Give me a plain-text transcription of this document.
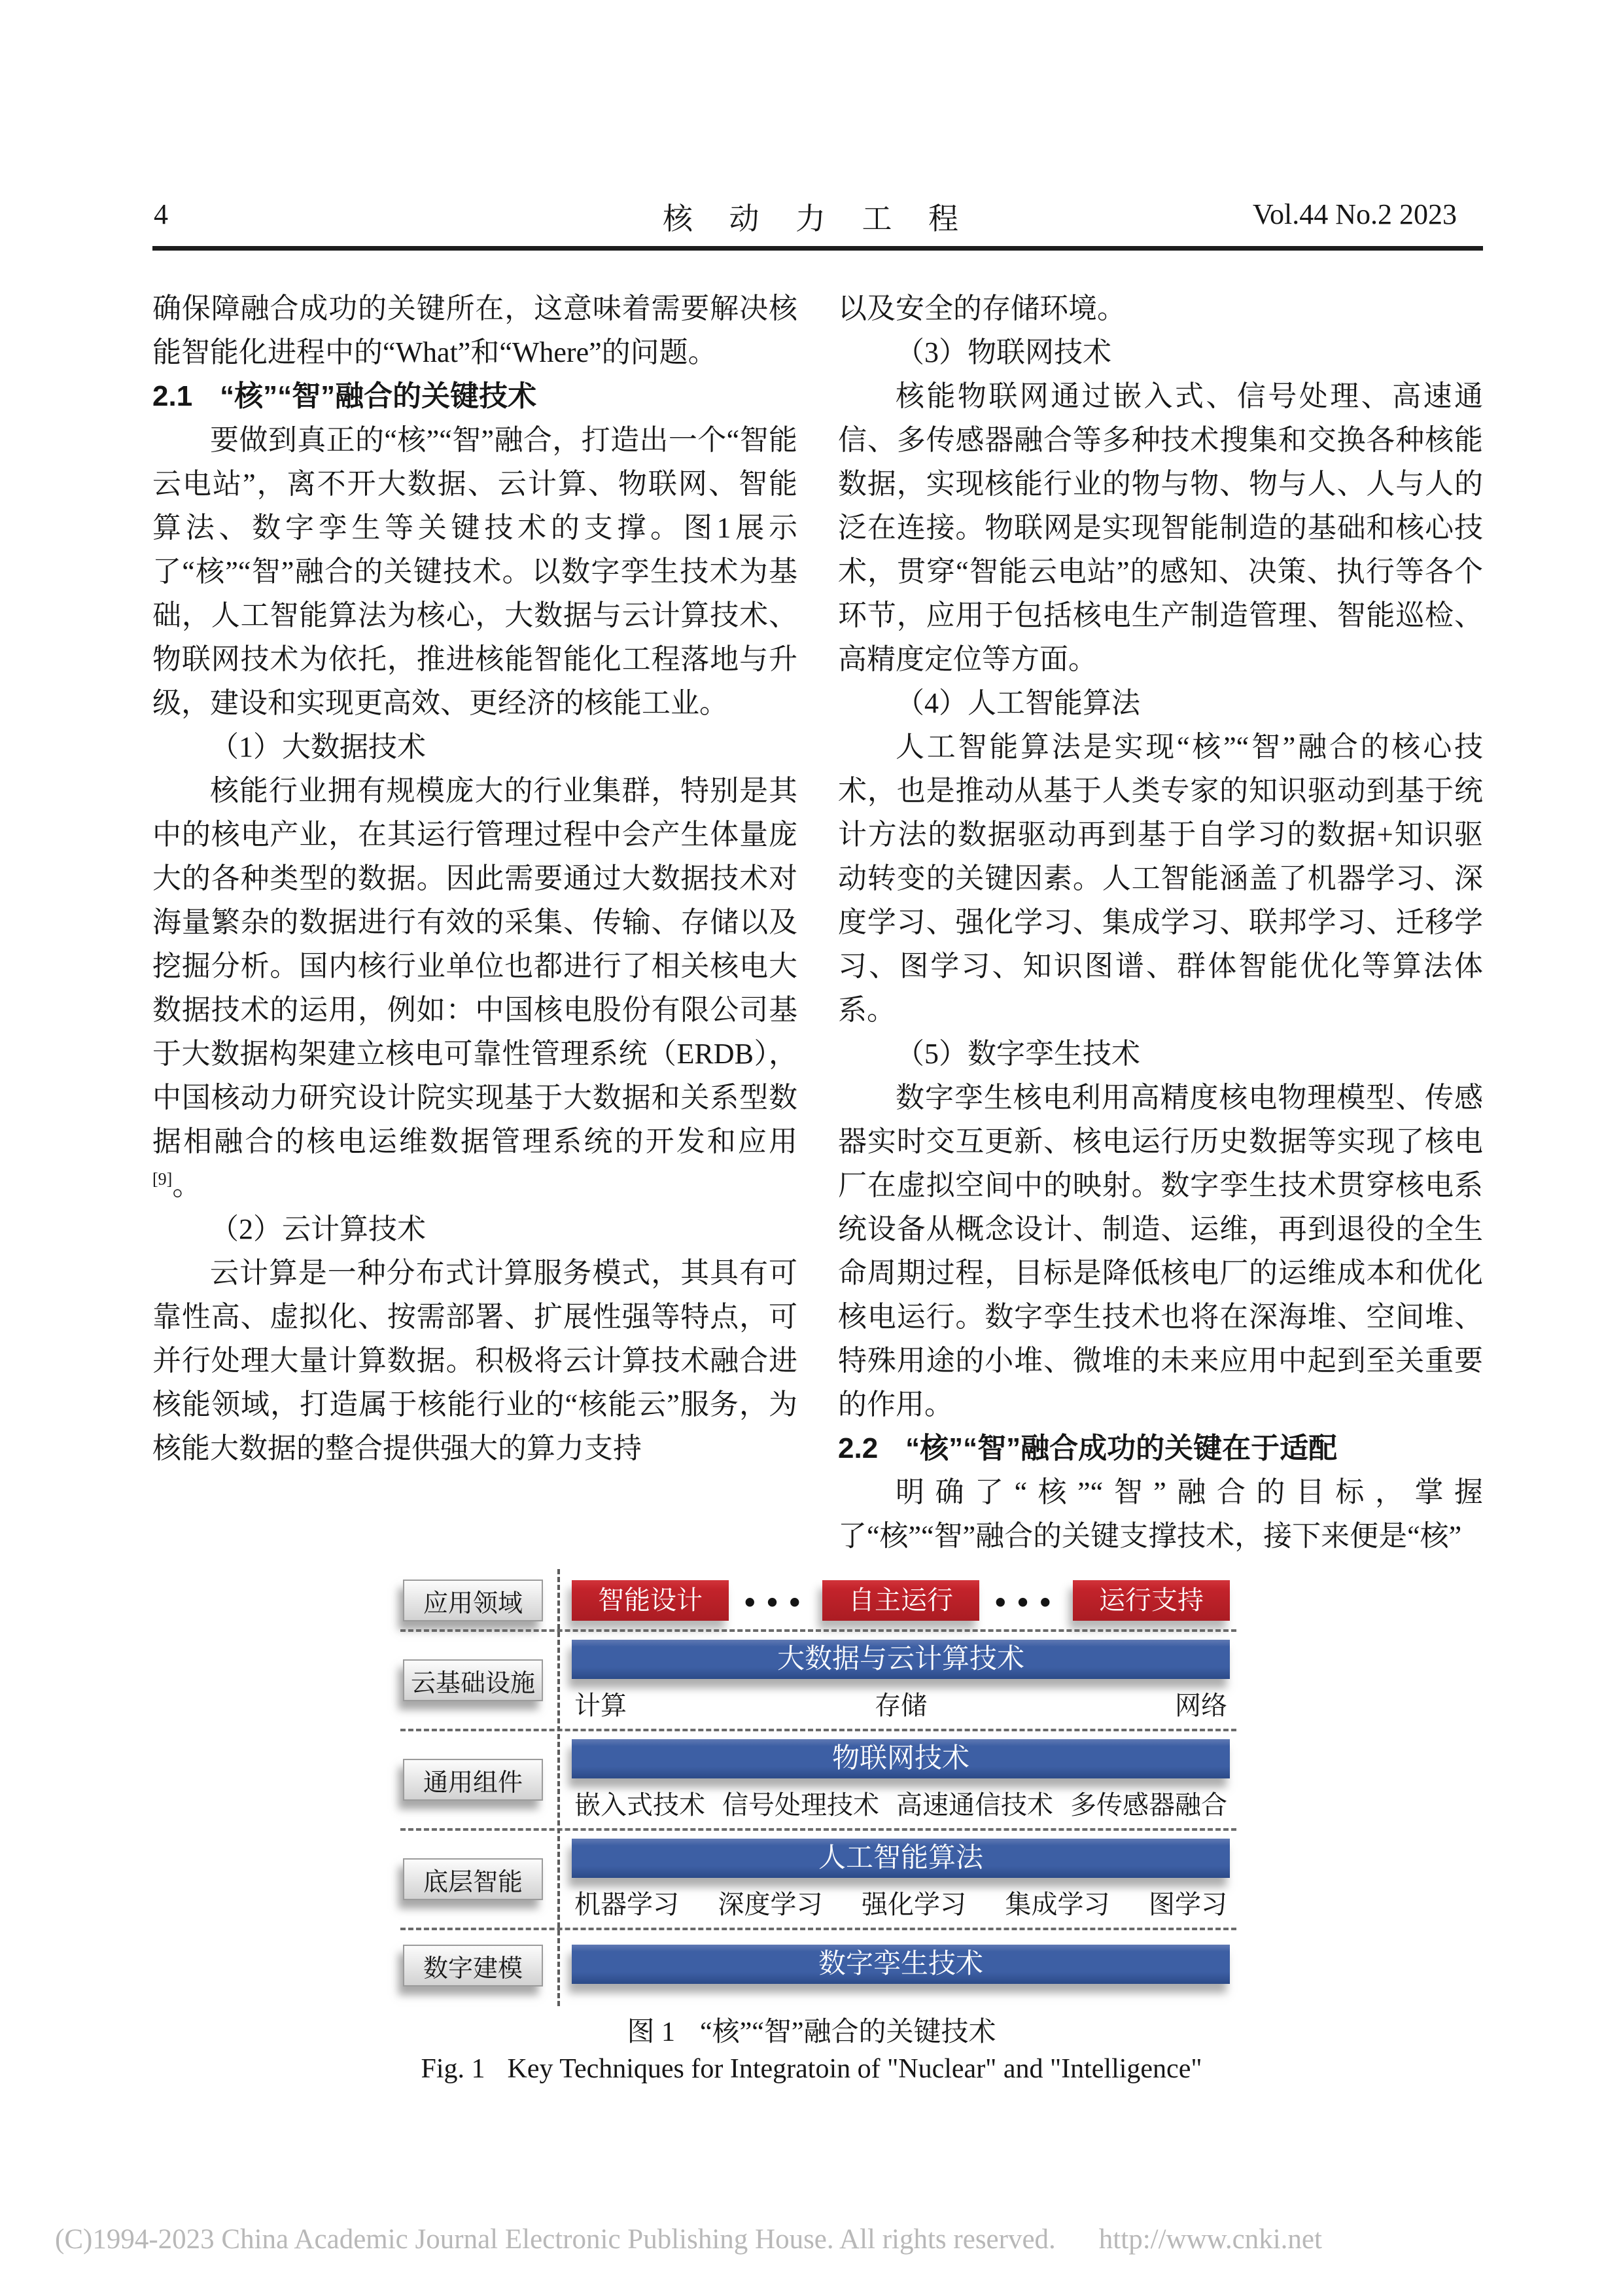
4	核 动 力 工 程	Vol.44 No.2 2023
确保障融合成功的关键所在，这意味着需要解决核能智能化进程中的“What”和“Where”的问题。
2.1 “核”“智”融合的关键技术
要做到真正的“核”“智”融合，打造出一个“智能云电站”，离不开大数据、云计算、物联网、智能算法、数字孪生等关键技术的支撑。图1展示了“核”“智”融合的关键技术。以数字孪生技术为基础，人工智能算法为核心，大数据与云计算技术、物联网技术为依托，推进核能智能化工程落地与升级，建设和实现更高效、更经济的核能工业。
（1）大数据技术
核能行业拥有规模庞大的行业集群，特别是其中的核电产业，在其运行管理过程中会产生体量庞大的各种类型的数据。因此需要通过大数据技术对海量繁杂的数据进行有效的采集、传输、存储以及挖掘分析。国内核行业单位也都进行了相关核电大数据技术的运用，例如：中国核电股份有限公司基于大数据构架建立核电可靠性管理系统（ERDB），中国核动力研究设计院实现基于大数据和关系型数据相融合的核电运维数据管理系统的开发和应用[9]。
（2）云计算技术
云计算是一种分布式计算服务模式，其具有可靠性高、虚拟化、按需部署、扩展性强等特点，可并行处理大量计算数据。积极将云计算技术融合进核能领域，打造属于核能行业的“核能云”服务，为核能大数据的整合提供强大的算力支持
以及安全的存储环境。
（3）物联网技术
核能物联网通过嵌入式、信号处理、高速通信、多传感器融合等多种技术搜集和交换各种核能数据，实现核能行业的物与物、物与人、人与人的泛在连接。物联网是实现智能制造的基础和核心技术，贯穿“智能云电站”的感知、决策、执行等各个环节，应用于包括核电生产制造管理、智能巡检、高精度定位等方面。
（4）人工智能算法
人工智能算法是实现“核”“智”融合的核心技术，也是推动从基于人类专家的知识驱动到基于统计方法的数据驱动再到基于自学习的数据+知识驱动转变的关键因素。人工智能涵盖了机器学习、深度学习、强化学习、集成学习、联邦学习、迁移学习、图学习、知识图谱、群体智能优化等算法体系。
（5）数字孪生技术
数字孪生核电利用高精度核电物理模型、传感器实时交互更新、核电运行历史数据等实现了核电厂在虚拟空间中的映射。数字孪生技术贯穿核电系统设备从概念设计、制造、运维，再到退役的全生命周期过程，目标是降低核电厂的运维成本和优化核电运行。数字孪生技术也将在深海堆、空间堆、特殊用途的小堆、微堆的未来应用中起到至关重要的作用。
2.2 “核”“智”融合成功的关键在于适配
明确了“核”“智”融合的目标，掌握了“核”“智”融合的关键支撑技术，接下来便是“核”
应用领域	智能设计	•••	自主运行	•••	运行支持
云基础设施
大数据与云计算技术
计算	存储	网络
通用组件
物联网技术
嵌入式技术 信号处理技术 高速通信技术 多传感器融合
底层智能
人工智能算法
机器学习 深度学习 强化学习 集成学习 图学习
数字建模	数字孪生技术
图 1 “核”“智”融合的关键技术
Fig. 1 Key Techniques for Integratoin of "Nuclear" and "Intelligence"
(C)1994-2023 China Academic Journal Electronic Publishing House. All rights reserved. http://www.cnki.net
